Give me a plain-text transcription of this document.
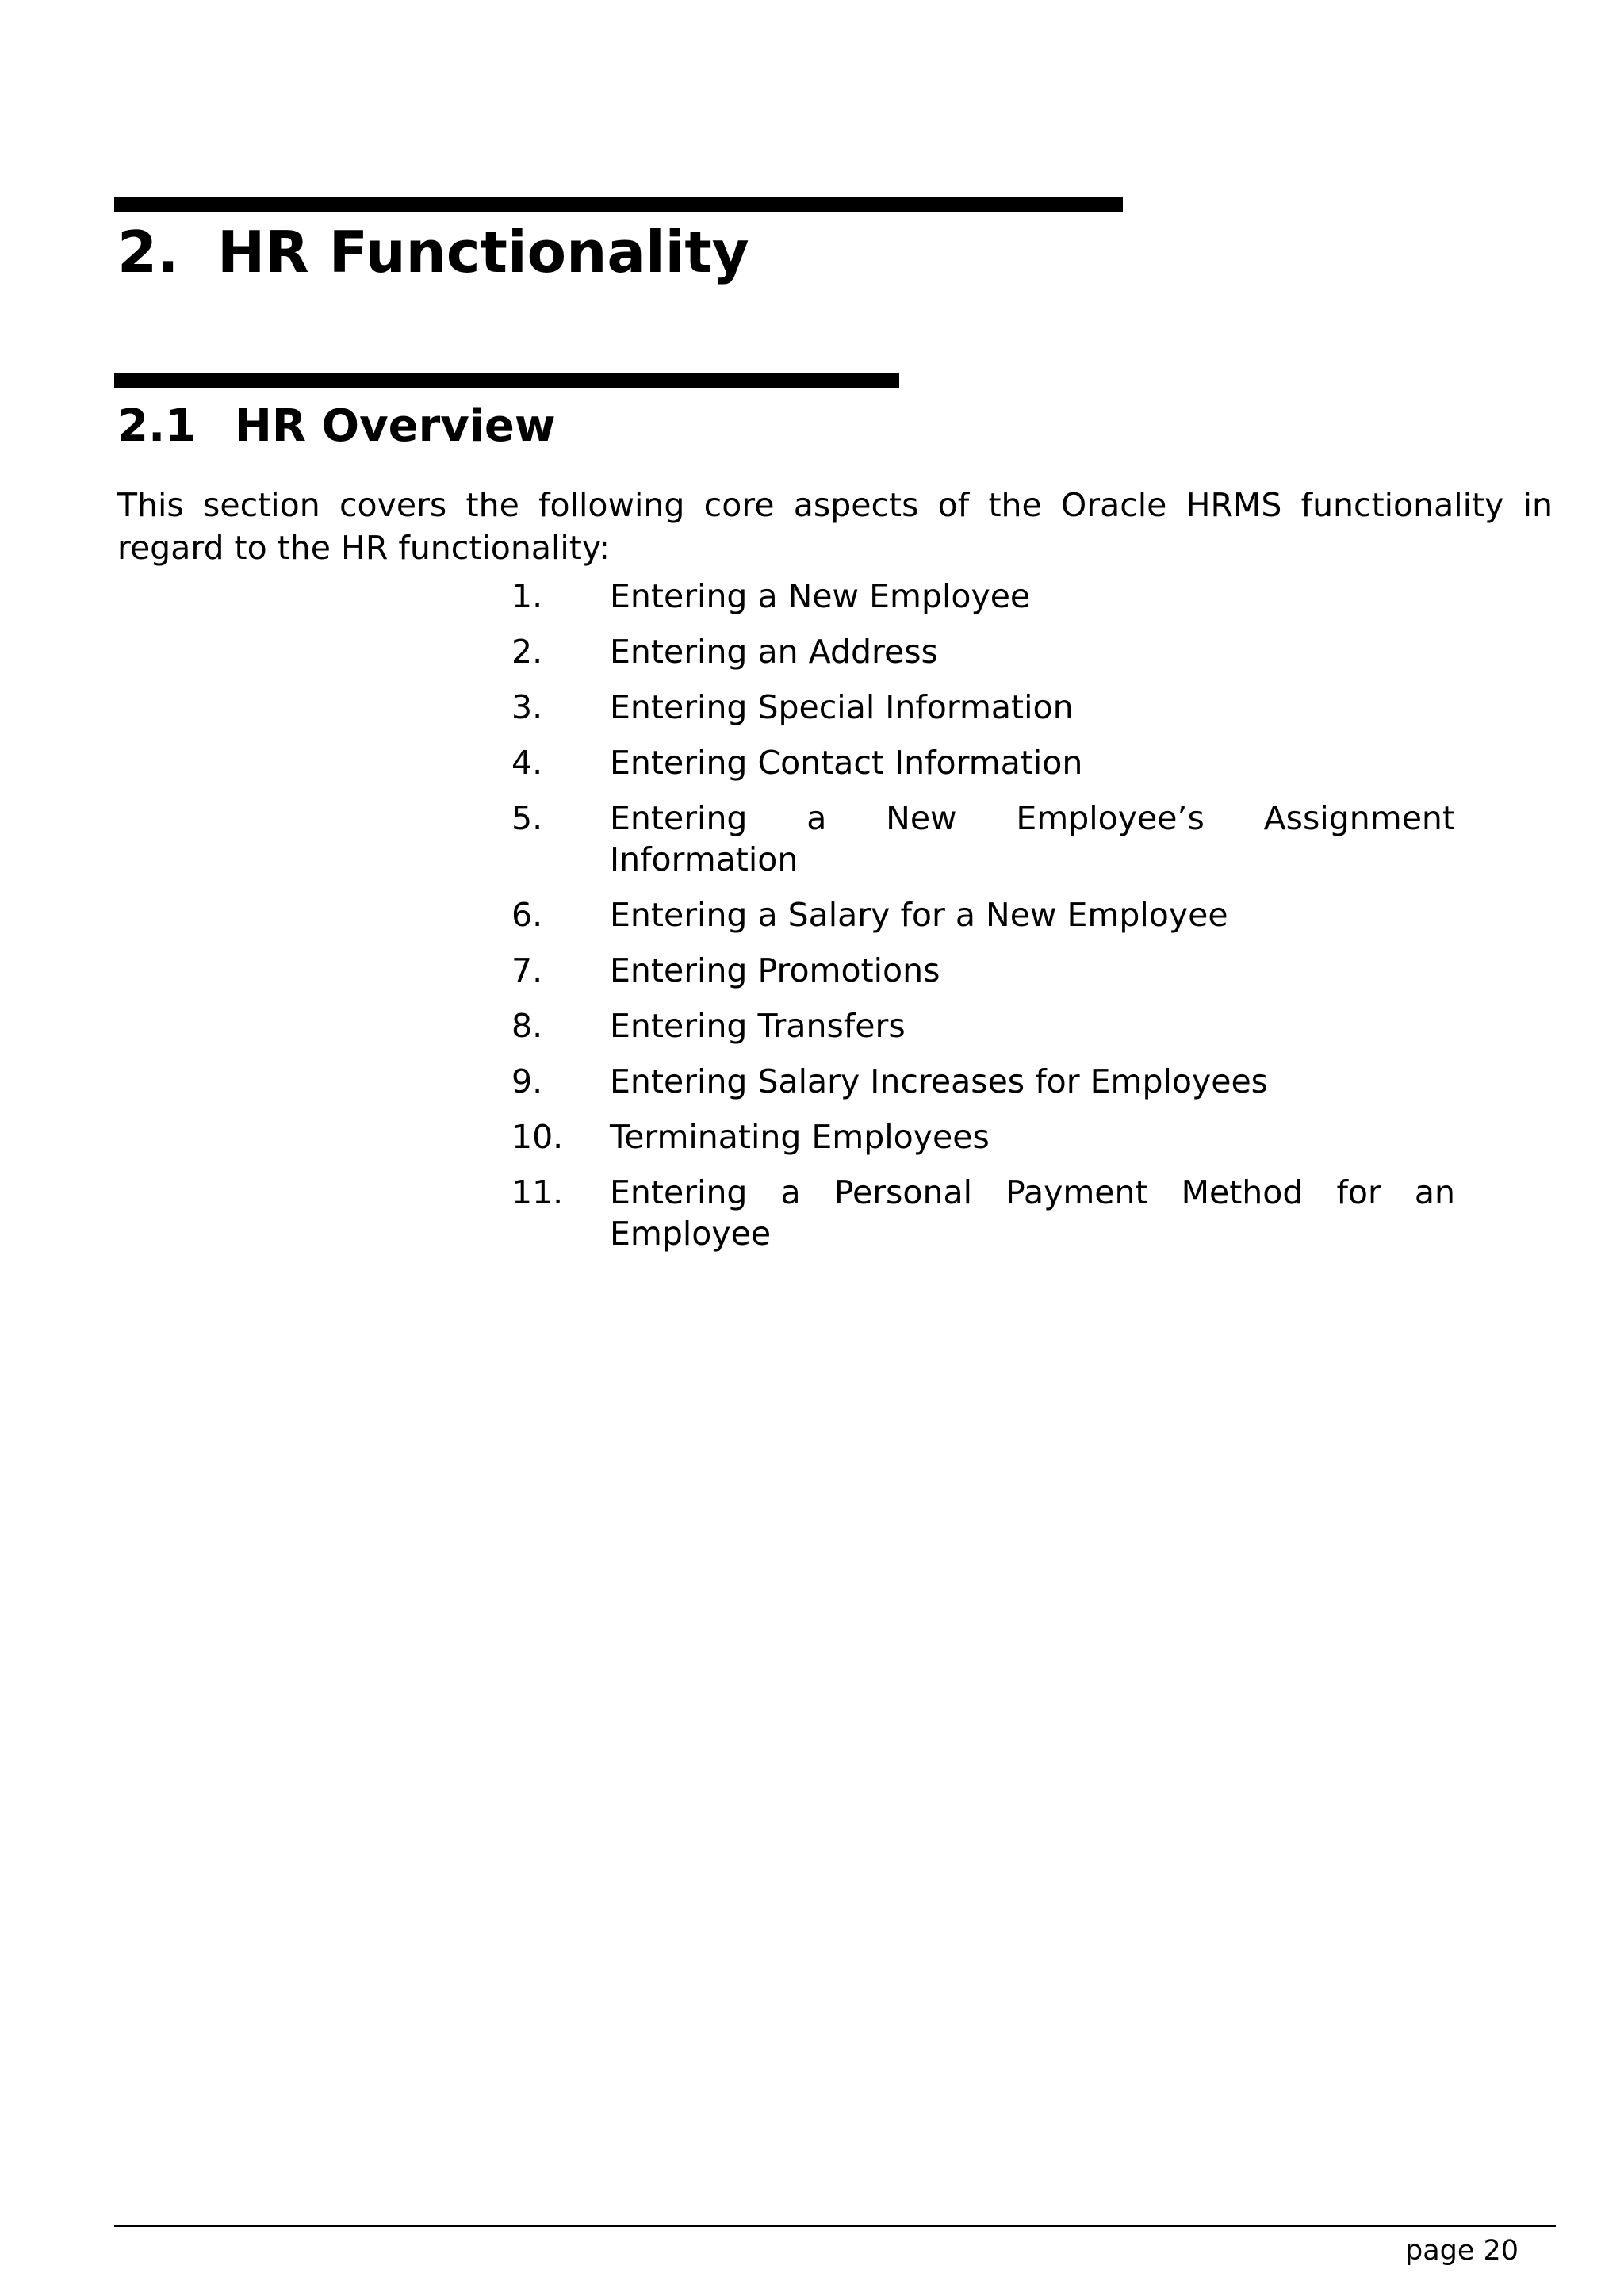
2. HR Functionality
2.1 HR Overview

This section covers the following core aspects of the Oracle HRMS functionality in regard to the HR functionality:

1.	Entering a New Employee
2.	Entering an Address
3.	Entering Special Information
4.	Entering Contact Information
5.	Entering a New Employee’s Assignment Information
6.	Entering a Salary for a New Employee
7.	Entering Promotions
8.	Entering Transfers
9.	Entering Salary Increases for Employees
10.	Terminating Employees
11.	Entering a Personal Payment Method for an Employee
page 20
